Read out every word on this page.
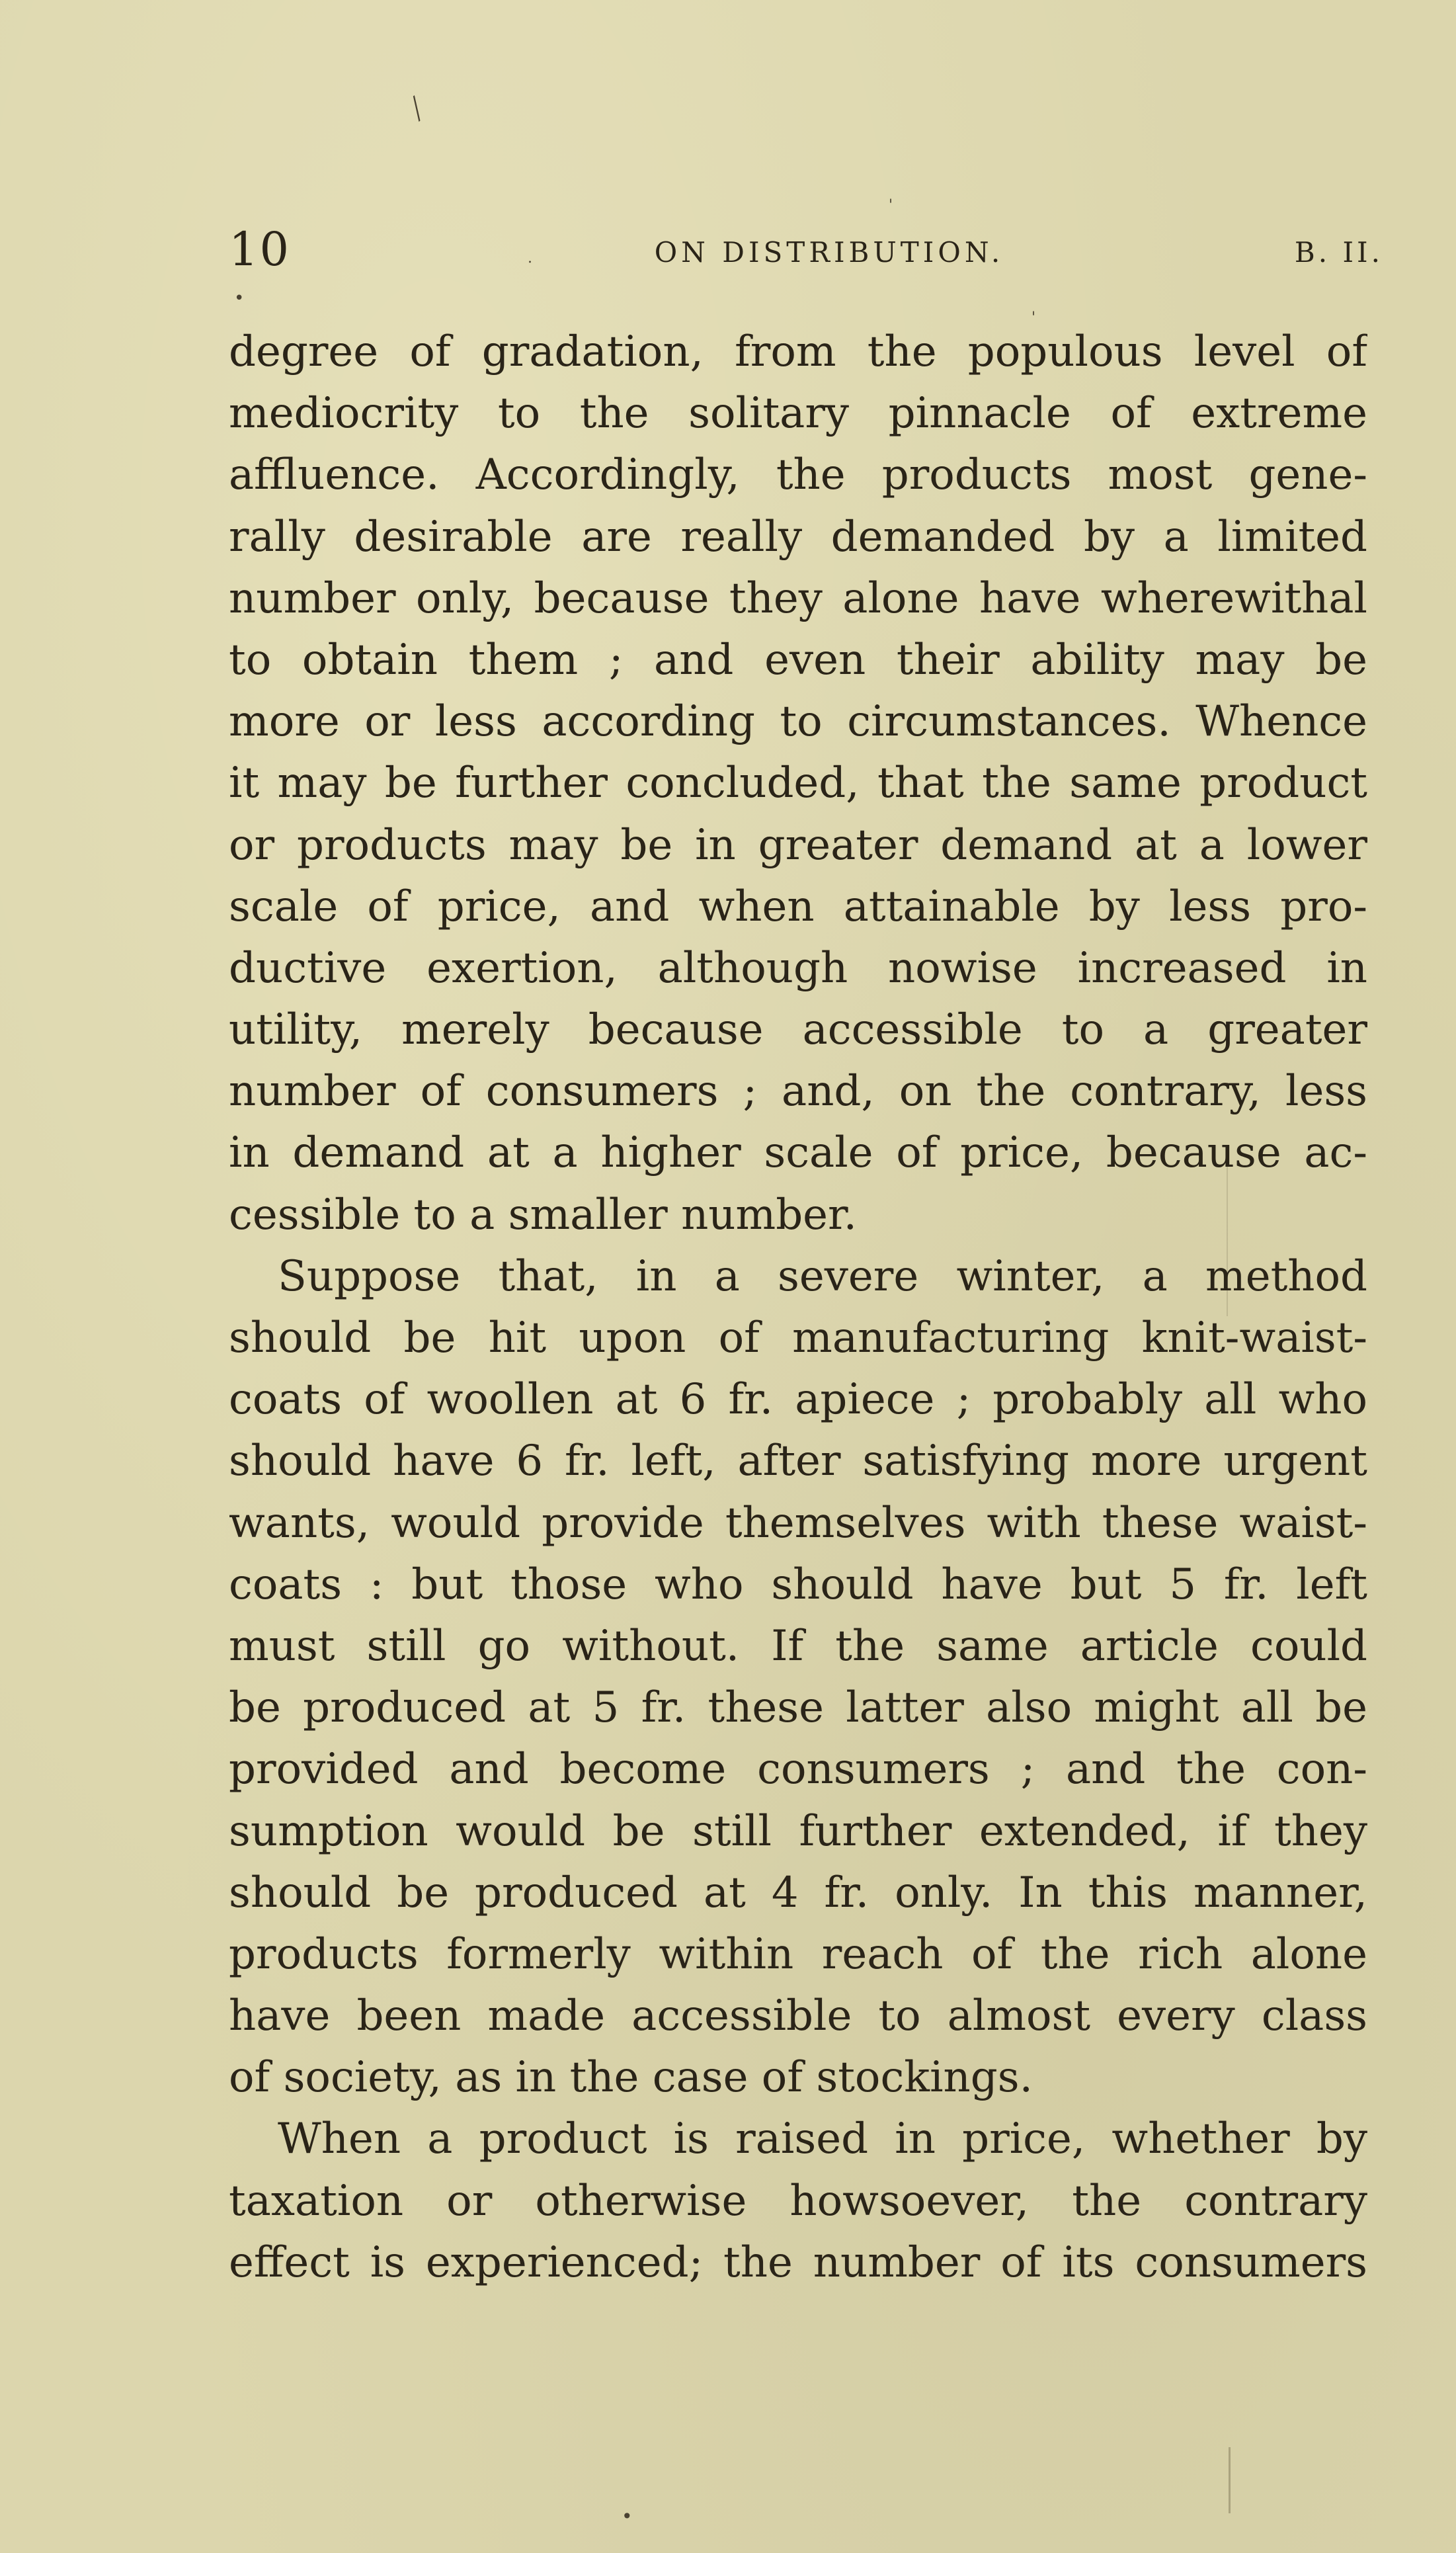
╱
'
.
•
'
•
10	ON DISTRIBUTION.	B. II.
degree of gradation, from the populous level of
mediocrity to the solitary pinnacle of extreme
affluence. Accordingly, the products most gene-
rally desirable are really demanded by a limited
number only, because they alone have wherewithal
to obtain them ; and even their ability may be
more or less according to circumstances. Whence
it may be further concluded, that the same product
or products may be in greater demand at a lower
scale of price, and when attainable by less pro-
ductive exertion, although nowise increased in
utility, merely because accessible to a greater
number of consumers ; and, on the contrary, less
in demand at a higher scale of price, because ac-
cessible to a smaller number.
Suppose that, in a severe winter, a method
should be hit upon of manufacturing knit-waist-
coats of woollen at 6 fr. apiece ; probably all who
should have 6 fr. left, after satisfying more urgent
wants, would provide themselves with these waist-
coats : but those who should have but 5 fr. left
must still go without. If the same article could
be produced at 5 fr. these latter also might all be
provided and become consumers ; and the con-
sumption would be still further extended, if they
should be produced at 4 fr. only. In this manner,
products formerly within reach of the rich alone
have been made accessible to almost every class
of society, as in the case of stockings.
When a product is raised in price, whether by
taxation or otherwise howsoever, the contrary
effect is experienced; the number of its consumers
